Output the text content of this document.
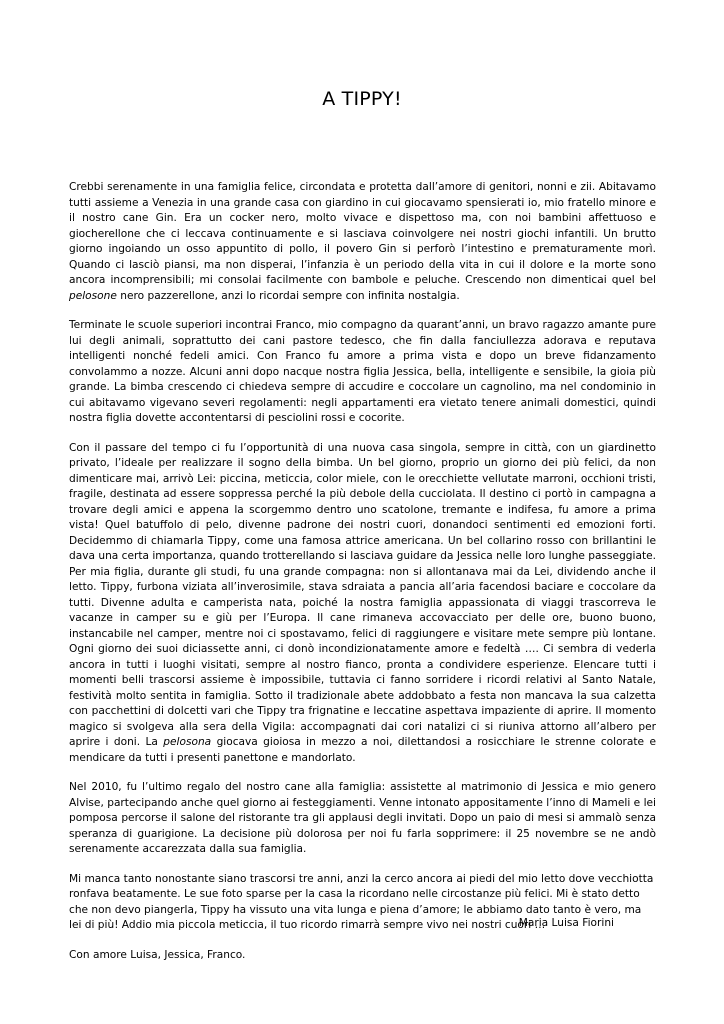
A TIPPY!

Crebbi serenamente in una famiglia felice, circondata e protetta dall’amore di genitori, nonni e zii. Abitavamo tutti assieme a Venezia in una grande casa con giardino in cui giocavamo spensierati io, mio fratello minore e il nostro cane Gin. Era un cocker nero, molto vivace e dispettoso ma, con noi bambini affettuoso e giocherellone che ci leccava continuamente e si lasciava coinvolgere nei nostri giochi infantili. Un brutto giorno ingoiando un osso appuntito di pollo, il povero Gin si perforò l’intestino e prematuramente morì. Quando ci lasciò piansi, ma non disperai, l’infanzia è un periodo della vita in cui il dolore e la morte sono ancora incomprensibili; mi consolai facilmente con bambole e peluche. Crescendo non dimenticai quel bel pelosone nero pazzerellone, anzi lo ricordai sempre con infinita nostalgia.

Terminate le scuole superiori incontrai Franco, mio compagno da quarant’anni, un bravo ragazzo amante pure lui degli animali, soprattutto dei cani pastore tedesco, che fin dalla fanciullezza adorava e reputava intelligenti nonché fedeli amici. Con Franco fu amore a prima vista e dopo un breve fidanzamento convolammo a nozze. Alcuni anni dopo nacque nostra figlia Jessica, bella, intelligente e sensibile, la gioia più grande. La bimba crescendo ci chiedeva sempre di accudire e coccolare un cagnolino, ma nel condominio in cui abitavamo vigevano severi regolamenti: negli appartamenti era vietato tenere animali domestici, quindi nostra figlia dovette accontentarsi di pesciolini rossi e cocorite.

Con il passare del tempo ci fu l’opportunità di una nuova casa singola, sempre in città, con un giardinetto privato, l’ideale per realizzare il sogno della bimba. Un bel giorno, proprio un giorno dei più felici, da non dimenticare mai, arrivò Lei: piccina, meticcia, color miele, con le orecchiette vellutate marroni, occhioni tristi, fragile, destinata ad essere soppressa perché la più debole della cucciolata. Il destino ci portò in campagna a trovare degli amici e appena la scorgemmo dentro uno scatolone, tremante e indifesa, fu amore a prima vista! Quel batuffolo di pelo, divenne padrone dei nostri cuori, donandoci sentimenti ed emozioni forti. Decidemmo di chiamarla Tippy, come una famosa attrice americana. Un bel collarino rosso con brillantini le dava una certa importanza, quando trotterellando si lasciava guidare da Jessica nelle loro lunghe passeggiate. Per mia figlia, durante gli studi, fu una grande compagna: non si allontanava mai da Lei, dividendo anche il letto. Tippy, furbona viziata all’inverosimile, stava sdraiata a pancia all’aria facendosi baciare e coccolare da tutti. Divenne adulta e camperista nata, poiché la nostra famiglia appassionata di viaggi trascorreva le vacanze in camper su e giù per l’Europa. Il cane rimaneva accovacciato per delle ore, buono buono, instancabile nel camper, mentre noi ci spostavamo, felici di raggiungere e visitare mete sempre più lontane. Ogni giorno dei suoi diciassette anni, ci donò incondizionatamente amore e fedeltà …. Ci sembra di vederla ancora in tutti i luoghi visitati, sempre al nostro fianco, pronta a condividere esperienze. Elencare tutti i momenti belli trascorsi assieme è impossibile, tuttavia ci fanno sorridere i ricordi relativi al Santo Natale, festività molto sentita in famiglia. Sotto il tradizionale abete addobbato a festa non mancava la sua calzetta con pacchettini di dolcetti vari che Tippy tra frignatine e leccatine aspettava impaziente di aprire. Il momento magico si svolgeva alla sera della Vigila: accompagnati dai cori natalizi ci si riuniva attorno all’albero per aprire i doni. La pelosona giocava gioiosa in mezzo a noi, dilettandosi a rosicchiare le strenne colorate e mendicare da tutti i presenti panettone e mandorlato.

Nel 2010, fu l’ultimo regalo del nostro cane alla famiglia: assistette al matrimonio di Jessica e mio genero Alvise, partecipando anche quel giorno ai festeggiamenti. Venne intonato appositamente l’inno di Mameli e lei pomposa percorse il salone del ristorante tra gli applausi degli invitati. Dopo un paio di mesi si ammalò senza speranza di guarigione. La decisione più dolorosa per noi fu farla sopprimere: il 25 novembre se ne andò serenamente accarezzata dalla sua famiglia.

Mi manca tanto nonostante siano trascorsi tre anni, anzi la cerco ancora ai piedi del mio letto dove vecchiotta ronfava beatamente. Le sue foto sparse per la casa la ricordano nelle circostanze più felici. Mi è stato detto che non devo piangerla, Tippy ha vissuto una vita lunga e piena d’amore; le abbiamo dato tanto è vero, ma lei di più! Addio mia piccola meticcia, il tuo ricordo rimarrà sempre vivo nei nostri cuori …

Con amore Luisa, Jessica, Franco.

Maria Luisa Fiorini
